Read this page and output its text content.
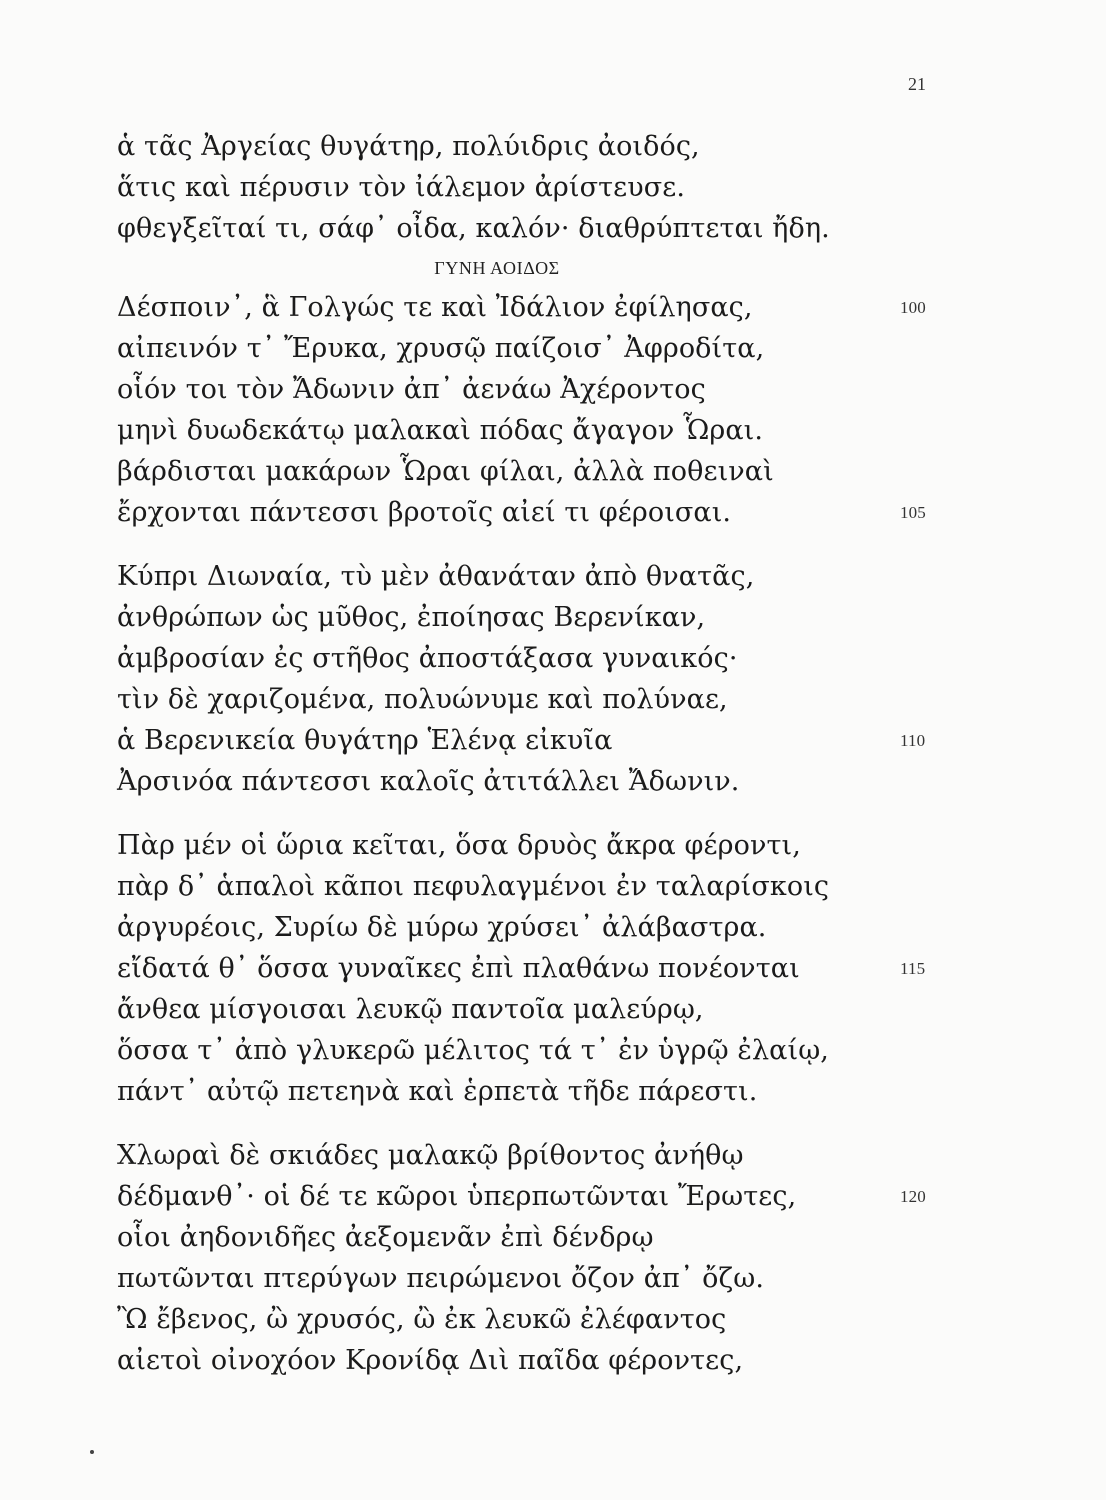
21
ἁ τᾶς Ἀργείας θυγάτηρ, πολύιδρις ἀοιδός,
ἅτις καὶ πέρυσιν τὸν ἰάλεμον ἀρίστευσε.
φθεγξεῖταί τι, σάφ᾽ οἶδα, καλόν· διαθρύπτεται ἤδη.
ΓΥΝΗ ΑΟΙΔΟΣ
Δέσποιν᾽, ἃ Γολγώς τε καὶ Ἰδάλιον ἐφίλησας,	100
αἰπεινόν τ᾽ Ἔρυκα, χρυσῷ παίζοισ᾽ Ἀφροδίτα,
οἷόν τοι τὸν Ἄδωνιν ἀπ᾽ ἀενάω Ἀχέροντος
μηνὶ δυωδεκάτῳ μαλακαὶ πόδας ἄγαγον Ὧραι.
βάρδισται μακάρων Ὧραι φίλαι, ἀλλὰ ποθειναὶ
ἔρχονται πάντεσσι βροτοῖς αἰεί τι φέροισαι.	105
Κύπρι Διωναία, τὺ μὲν ἀθανάταν ἀπὸ θνατᾶς,
ἀνθρώπων ὡς μῦθος, ἐποίησας Βερενίκαν,
ἀμβροσίαν ἐς στῆθος ἀποστάξασα γυναικός·
τὶν δὲ χαριζομένα, πολυώνυμε καὶ πολύναε,
ἁ Βερενικεία θυγάτηρ Ἑλένᾳ εἰκυῖα	110
Ἀρσινόα πάντεσσι καλοῖς ἀτιτάλλει Ἄδωνιν.
Πὰρ μέν οἱ ὥρια κεῖται, ὅσα δρυὸς ἄκρα φέροντι,
πὰρ δ᾽ ἁπαλοὶ κᾶποι πεφυλαγμένοι ἐν ταλαρίσκοις
ἀργυρέοις, Συρίω δὲ μύρω χρύσει᾽ ἀλάβαστρα.
εἴδατά θ᾽ ὅσσα γυναῖκες ἐπὶ πλαθάνω πονέονται	115
ἄνθεα μίσγοισαι λευκῷ παντοῖα μαλεύρῳ,
ὅσσα τ᾽ ἀπὸ γλυκερῶ μέλιτος τά τ᾽ ἐν ὑγρῷ ἐλαίῳ,
πάντ᾽ αὐτῷ πετεηνὰ καὶ ἑρπετὰ τῆδε πάρεστι.
Χλωραὶ δὲ σκιάδες μαλακῷ βρίθοντος ἀνήθῳ
δέδμανθ᾽· οἱ δέ τε κῶροι ὑπερπωτῶνται Ἔρωτες,	120
οἷοι ἀηδονιδῆες ἀεξομενᾶν ἐπὶ δένδρῳ
πωτῶνται πτερύγων πειρώμενοι ὄζον ἀπ᾽ ὄζω.
Ὢ ἔβενος, ὢ χρυσός, ὢ ἐκ λευκῶ ἐλέφαντος
αἰετοὶ οἰνοχόον Κρονίδᾳ Διὶ παῖδα φέροντες,
